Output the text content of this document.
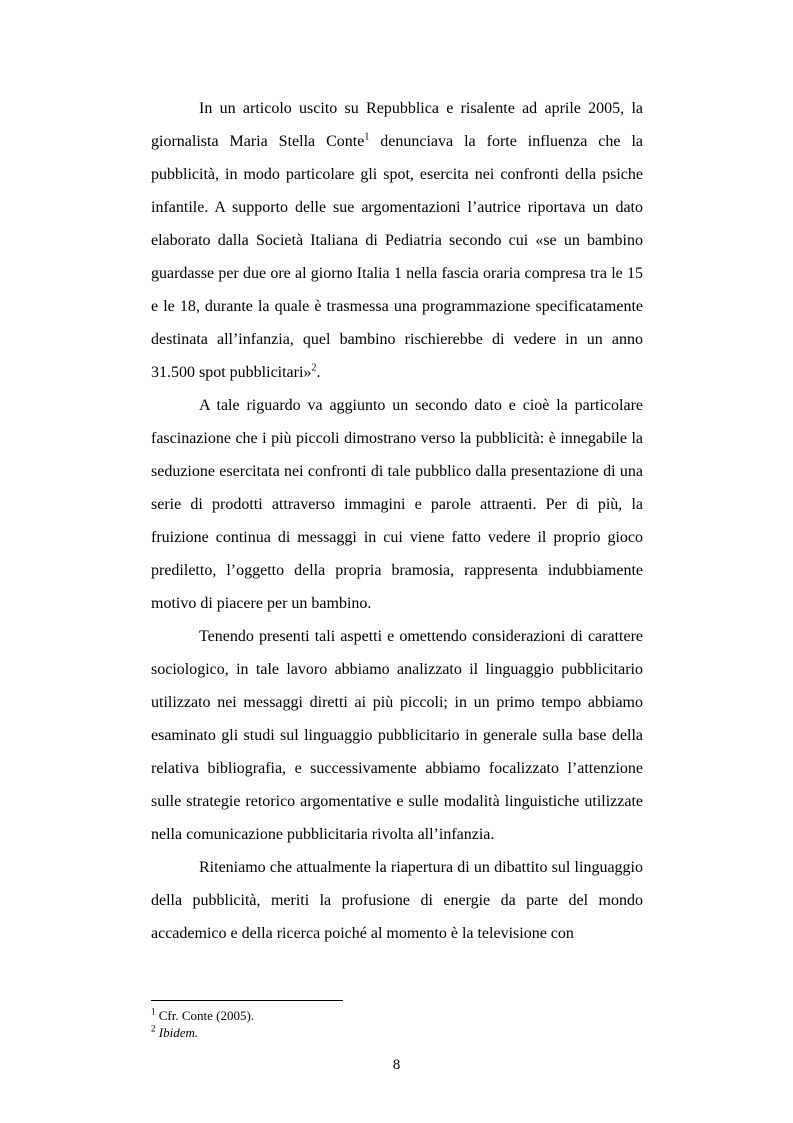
In un articolo uscito su Repubblica e risalente ad aprile 2005, la giornalista Maria Stella Conte$^1$ denunciava la forte influenza che la pubblicità, in modo particolare gli spot, esercita nei confronti della psiche infantile. A supporto delle sue argomentazioni l’autrice riportava un dato elaborato dalla Società Italiana di Pediatria secondo cui «se un bambino guardasse per due ore al giorno Italia 1 nella fascia oraria compresa tra le 15 e le 18, durante la quale è trasmessa una programmazione specificatamente destinata all’infanzia, quel bambino rischierebbe di vedere in un anno 31.500 spot pubblicitari»$^2$.

A tale riguardo va aggiunto un secondo dato e cioè la particolare fascinazione che i più piccoli dimostrano verso la pubblicità: è innegabile la seduzione esercitata nei confronti di tale pubblico dalla presentazione di una serie di prodotti attraverso immagini e parole attraenti. Per di più, la fruizione continua di messaggi in cui viene fatto vedere il proprio gioco prediletto, l’oggetto della propria bramosia, rappresenta indubbiamente motivo di piacere per un bambino.

Tenendo presenti tali aspetti e omettendo considerazioni di carattere sociologico, in tale lavoro abbiamo analizzato il linguaggio pubblicitario utilizzato nei messaggi diretti ai più piccoli; in un primo tempo abbiamo esaminato gli studi sul linguaggio pubblicitario in generale sulla base della relativa bibliografia, e successivamente abbiamo focalizzato l’attenzione sulle strategie retorico argomentative e sulle modalità linguistiche utilizzate nella comunicazione pubblicitaria rivolta all’infanzia.

Riteniamo che attualmente la riapertura di un dibattito sul linguaggio della pubblicità, meriti la profusione di energie da parte del mondo accademico e della ricerca poiché al momento è la televisione con

$^1$ Cfr. Conte (2005).

$^2$ Ibidem.

8
